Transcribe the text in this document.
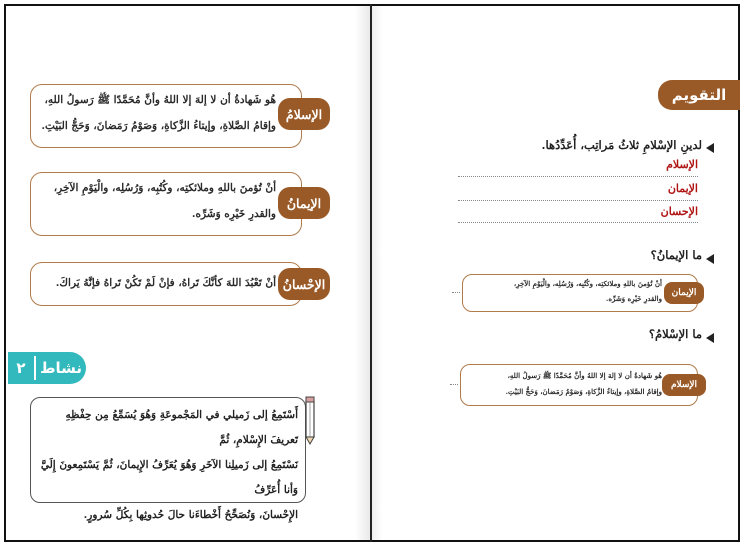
هُو شَهادةُ أن لا إلهَ إلا اللهُ وأنَّ مُحَمَّدًا ﷺ رَسولُ اللهِ،
وإقامُ الصَّلاةِ، وإيتاءُ الزَّكاةِ، وَصَوْمُ رَمَضانَ، وَحَجُّ البَيْتِ.
الإسلامُ
أنْ تُؤمنَ باللهِ وملائكتِه، وكُتُبِه، وَرُسُلِه، والْيَوْمِ الآخِرِ،
والقدرِ خَيْرِه وَشَرِّه.
الإيمانُ
أنْ تَعْبُدَ اللهَ كأنَّكَ تَراهُ، فإنْ لَمْ تَكُنْ تَراهُ فإنَّهُ يَراكَ. الإحْسانُ
٢ نشاط
أَسْتَمِعُ إلى زَميلي في المَجْموعَةِ وَهُوَ يُسَمِّعُ مِن حِفْظِهِ تَعريفَ الإِسْلامِ، ثُمَّ
نَسْتَمِعُ إلى زَميلِنا الآخَرِ وَهُوَ يُعَرِّفُ الإِيمانَ، ثُمَّ يَسْتَمِعونَ إِلَيَّ وَأنا أُعَرِّفُ
الإِحْسانَ، وَنُصَحِّحُ أَخْطاءَنا حالَ حُدوثِها بِكُلِّ سُرورٍ.
التقويم
لدينِ الإسْلامِ ثلاثُ مَراتِب، أُعَدِّدُها.
الإسلام
الإيمان
الإحسان
ما الإيمانُ؟
أنْ تُؤمنَ باللهِ وملائكتِه، وكُتُبِه، وَرُسُلِه، والْيَوْمِ الآخِرِ،
والقدرِ خَيْرِه وَشَرِّه.
الإيمان
ما الإسْلامُ؟
هُو شَهادةُ أن لا إلهَ إلا اللهُ وأنَّ مُحَمَّدًا ﷺ رَسولُ اللهِ،
وإقامُ الصَّلاةِ، وإيتاءُ الزَّكاةِ، وَصَوْمُ رَمَضانَ، وَحَجُّ البَيْتِ.
الإسلام
